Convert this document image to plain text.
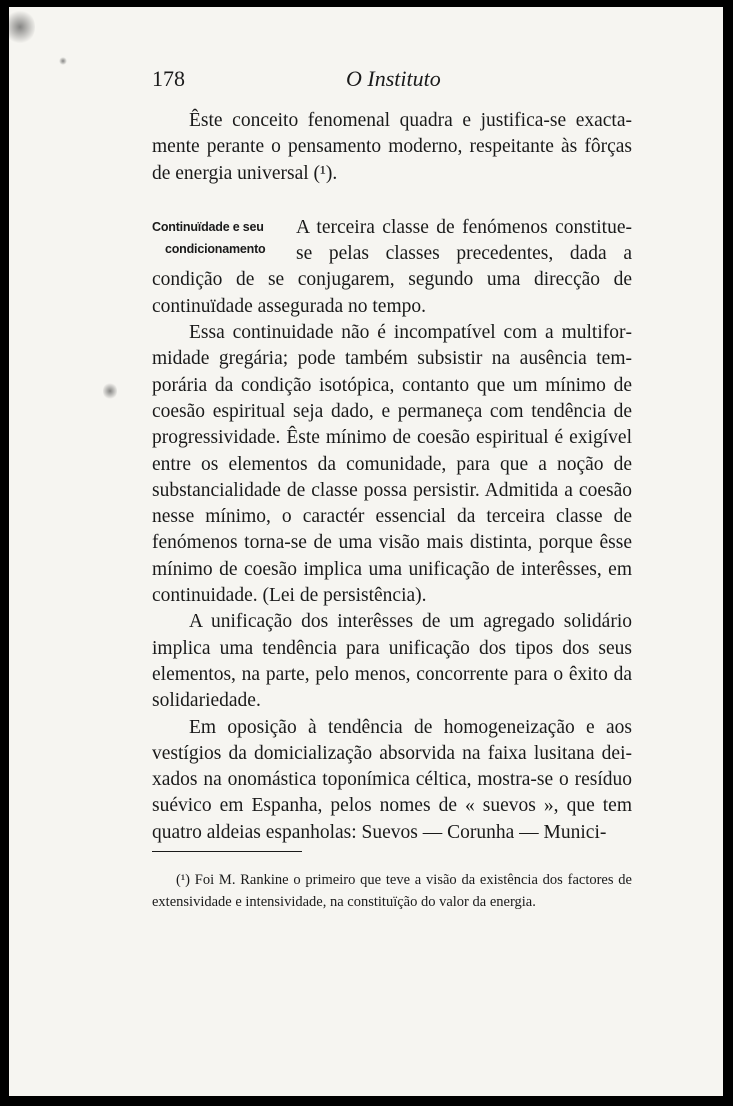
178	O Instituto

Êste conceito fenomenal quadra e justifica-se exactamente perante o pensamento moderno, respeitante às fôrças de energia universal (¹).

Continuïdade e seu
condicionamento
A terceira classe de fenómenos constitue-se pelas classes precedentes, dada a condição de se conjugarem, segundo uma direcção de continuïdade assegurada no tempo.

Essa continuidade não é incompatível com a multiformidade gregária; pode também subsistir na ausência temporária da condição isotópica, contanto que um mínimo de coesão espiritual seja dado, e permaneça com tendência de progressividade. Êste mínimo de coesão espiritual é exigível entre os elementos da comunidade, para que a noção de substancialidade de classe possa persistir. Admitida a coesão nesse mínimo, o caractér essencial da terceira classe de fenómenos torna-se de uma visão mais distinta, porque êsse mínimo de coesão implica uma unificação de interêsses, em continuidade. (Lei de persistência).

A unificação dos interêsses de um agregado solidário implica uma tendência para unificação dos tipos dos seus elementos, na parte, pelo menos, concorrente para o êxito da solidariedade.

Em oposição à tendência de homogeneização e aos vestígios da domicialização absorvida na faixa lusitana deixados na onomástica toponímica céltica, mostra-se o resíduo suévico em Espanha, pelos nomes de « suevos », que tem quatro aldeias espanholas: Suevos — Corunha — Munici-

(¹) Foi M. Rankine o primeiro que teve a visão da existência dos factores de extensividade e intensividade, na constituïção do valor da energia.
